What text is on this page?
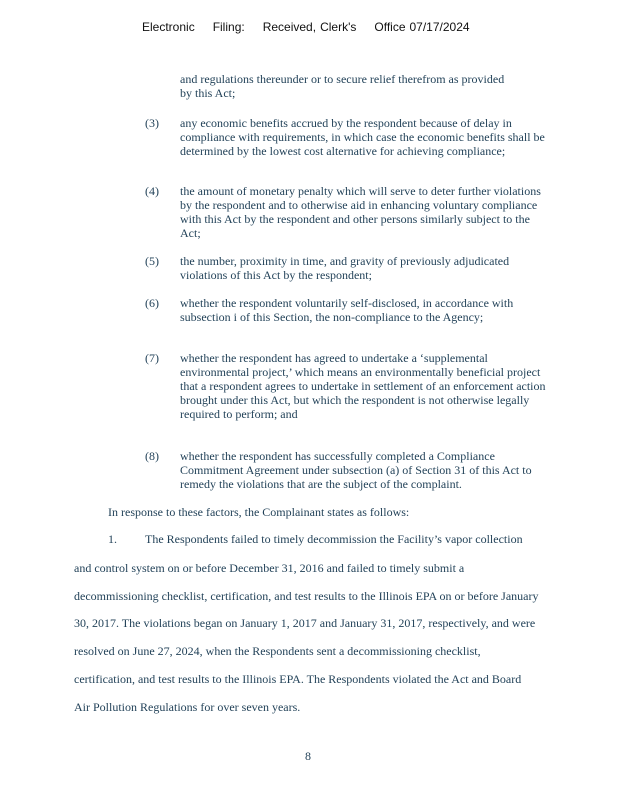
Electronic Filing: Received, Clerk's Office 07/17/2024
and regulations thereunder or to secure relief therefrom as provided by this Act;
(3) any economic benefits accrued by the respondent because of delay in compliance with requirements, in which case the economic benefits shall be determined by the lowest cost alternative for achieving compliance;
(4) the amount of monetary penalty which will serve to deter further violations by the respondent and to otherwise aid in enhancing voluntary compliance with this Act by the respondent and other persons similarly subject to the Act;
(5) the number, proximity in time, and gravity of previously adjudicated violations of this Act by the respondent;
(6) whether the respondent voluntarily self-disclosed, in accordance with subsection i of this Section, the non-compliance to the Agency;
(7) whether the respondent has agreed to undertake a ‘supplemental environmental project,’ which means an environmentally beneficial project that a respondent agrees to undertake in settlement of an enforcement action brought under this Act, but which the respondent is not otherwise legally required to perform; and
(8) whether the respondent has successfully completed a Compliance Commitment Agreement under subsection (a) of Section 31 of this Act to remedy the violations that are the subject of the complaint.
In response to these factors, the Complainant states as follows:
1. The Respondents failed to timely decommission the Facility’s vapor collection
and control system on or before December 31, 2016 and failed to timely submit a
decommissioning checklist, certification, and test results to the Illinois EPA on or before January
30, 2017. The violations began on January 1, 2017 and January 31, 2017, respectively, and were
resolved on June 27, 2024, when the Respondents sent a decommissioning checklist,
certification, and test results to the Illinois EPA. The Respondents violated the Act and Board
Air Pollution Regulations for over seven years.
8
